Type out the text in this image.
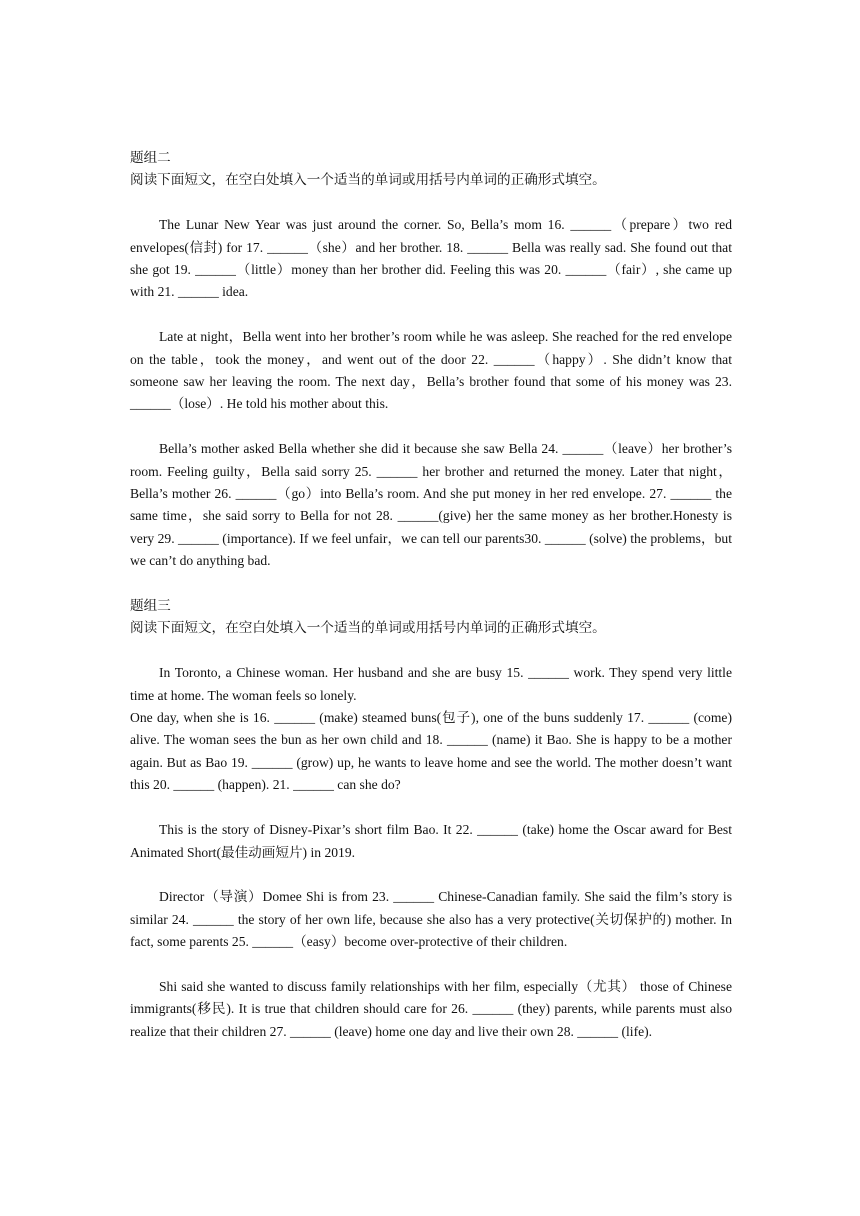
题组二

阅读下面短文，在空白处填入一个适当的单词或用括号内单词的正确形式填空。

The Lunar New Year was just around the corner. So, Bella’s mom 16. ______（prepare）two red envelopes(信封) for 17. ______（she）and her brother. 18. ______ Bella was really sad. She found out that she got 19. ______（little）money than her brother did. Feeling this was 20. ______（fair）, she came up with 21. ______ idea.

Late at night，Bella went into her brother’s room while he was asleep. She reached for the red envelope on the table，took the money，and went out of the door 22. ______（happy）. She didn’t know that someone saw her leaving the room. The next day，Bella’s brother found that some of his money was 23. ______（lose）. He told his mother about this.

Bella’s mother asked Bella whether she did it because she saw Bella 24. ______（leave）her brother’s room. Feeling guilty，Bella said sorry 25. ______ her brother and returned the money. Later that night，Bella’s mother 26. ______（go）into Bella’s room. And she put money in her red envelope. 27. ______ the same time，she said sorry to Bella for not 28. ______(give) her the same money as her brother.Honesty is very 29. ______ (importance). If we feel unfair，we can tell our parents30. ______ (solve) the problems，but we can’t do anything bad.

题组三

阅读下面短文，在空白处填入一个适当的单词或用括号内单词的正确形式填空。

In Toronto, a Chinese woman. Her husband and she are busy 15. ______ work. They spend very little time at home. The woman feels so lonely.

One day, when she is 16. ______ (make) steamed buns(包子), one of the buns suddenly 17. ______ (come) alive. The woman sees the bun as her own child and 18. ______ (name) it Bao. She is happy to be a mother again. But as Bao 19. ______ (grow) up, he wants to leave home and see the world. The mother doesn’t want this 20. ______ (happen). 21. ______ can she do?

This is the story of Disney-Pixar’s short film Bao. It 22. ______ (take) home the Oscar award for Best Animated Short(最佳动画短片) in 2019.

Director（导演）Domee Shi is from 23. ______ Chinese-Canadian family. She said the film’s story is similar 24. ______ the story of her own life, because she also has a very protective(关切保护的) mother. In fact, some parents 25. ______（easy）become over-protective of their children.

Shi said she wanted to discuss family relationships with her film, especially（尤其） those of Chinese immigrants(移民). It is true that children should care for 26. ______ (they) parents, while parents must also realize that their children 27. ______ (leave) home one day and live their own 28. ______ (life).
